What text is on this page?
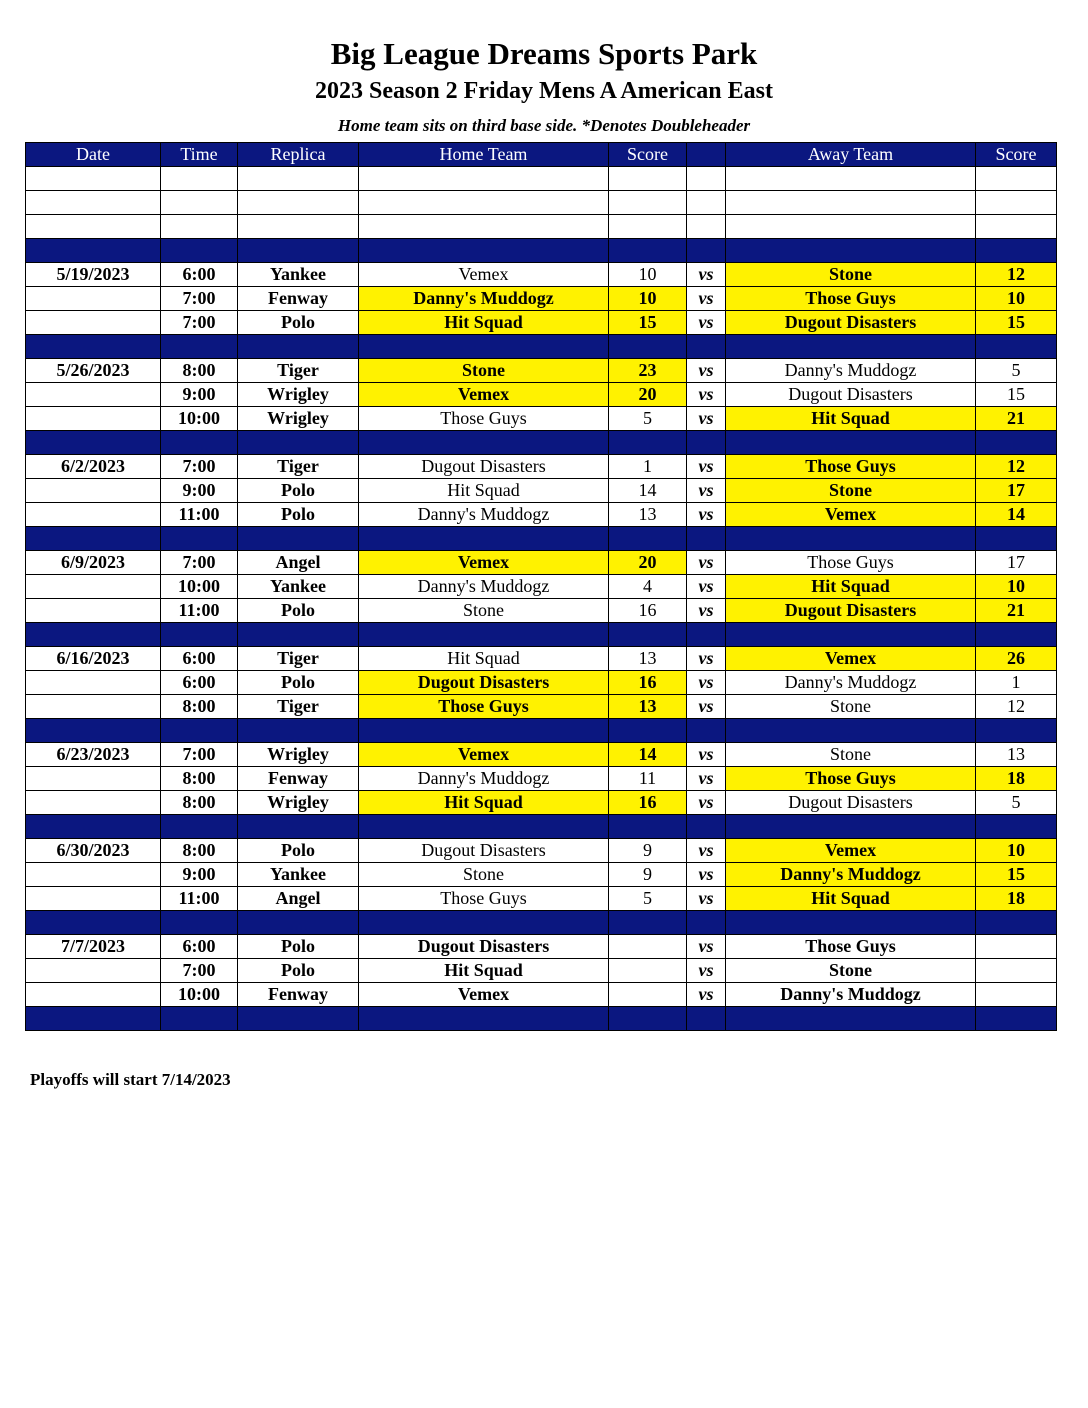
Big League Dreams Sports Park
2023 Season 2 Friday Mens A American East
Home team sits on third base side. *Denotes Doubleheader
Date	Time	Replica	Home Team	Score		Away Team	Score

5/19/2023	6:00	Yankee	Vemex	10	vs	Stone	12
	7:00	Fenway	Danny's Muddogz	10	vs	Those Guys	10
	7:00	Polo	Hit Squad	15	vs	Dugout Disasters	15

5/26/2023	8:00	Tiger	Stone	23	vs	Danny's Muddogz	5
	9:00	Wrigley	Vemex	20	vs	Dugout Disasters	15
	10:00	Wrigley	Those Guys	5	vs	Hit Squad	21

6/2/2023	7:00	Tiger	Dugout Disasters	1	vs	Those Guys	12
	9:00	Polo	Hit Squad	14	vs	Stone	17
	11:00	Polo	Danny's Muddogz	13	vs	Vemex	14

6/9/2023	7:00	Angel	Vemex	20	vs	Those Guys	17
	10:00	Yankee	Danny's Muddogz	4	vs	Hit Squad	10
	11:00	Polo	Stone	16	vs	Dugout Disasters	21

6/16/2023	6:00	Tiger	Hit Squad	13	vs	Vemex	26
	6:00	Polo	Dugout Disasters	16	vs	Danny's Muddogz	1
	8:00	Tiger	Those Guys	13	vs	Stone	12

6/23/2023	7:00	Wrigley	Vemex	14	vs	Stone	13
	8:00	Fenway	Danny's Muddogz	11	vs	Those Guys	18
	8:00	Wrigley	Hit Squad	16	vs	Dugout Disasters	5

6/30/2023	8:00	Polo	Dugout Disasters	9	vs	Vemex	10
	9:00	Yankee	Stone	9	vs	Danny's Muddogz	15
	11:00	Angel	Those Guys	5	vs	Hit Squad	18

7/7/2023	6:00	Polo	Dugout Disasters		vs	Those Guys	
	7:00	Polo	Hit Squad		vs	Stone	
	10:00	Fenway	Vemex		vs	Danny's Muddogz	

Playoffs will start 7/14/2023
